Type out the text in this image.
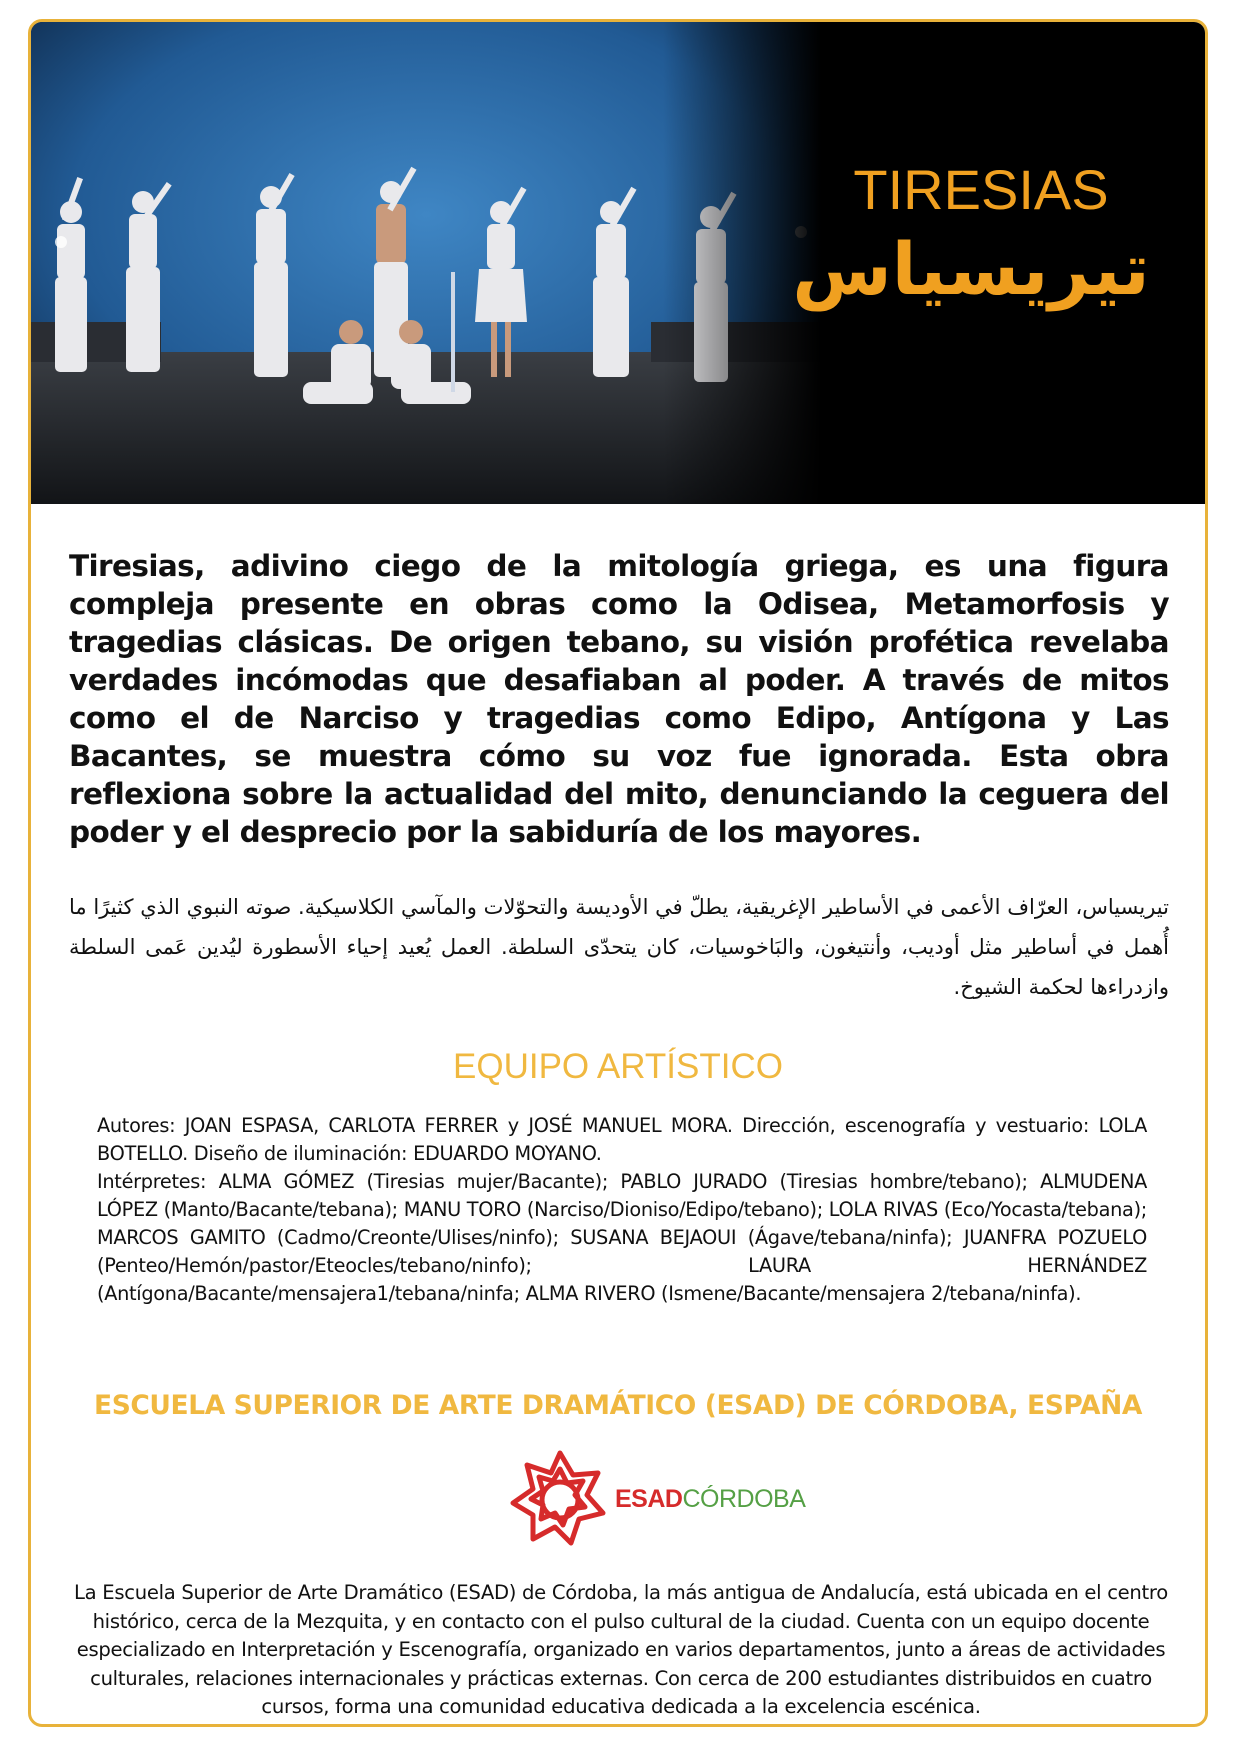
TIRESIAS
تيريسياس
Tiresias, adivino ciego de la mitología griega, es una figura compleja presente en obras como la Odisea, Metamorfosis y tragedias clásicas. De origen tebano, su visión profética revelaba verdades incómodas que desafiaban al poder. A través de mitos como el de Narciso y tragedias como Edipo, Antígona y Las Bacantes, se muestra cómo su voz fue ignorada. Esta obra reflexiona sobre la actualidad del mito, denunciando la ceguera del poder y el desprecio por la sabiduría de los mayores.
تيريسياس، العرّاف الأعمى في الأساطير الإغريقية، يطلّ في الأوديسة والتحوّلات والمآسي الكلاسيكية. صوته النبوي الذي كثيرًا ما أُهمل في أساطير مثل أوديب، وأنتيغون، والبَاخوسيات، كان يتحدّى السلطة. العمل يُعيد إحياء الأسطورة ليُدين عَمى السلطة وازدراءها لحكمة الشيوخ.
EQUIPO ARTÍSTICO

Autores: JOAN ESPASA, CARLOTA FERRER y JOSÉ MANUEL MORA. Dirección, escenografía y vestuario: LOLA BOTELLO. Diseño de iluminación: EDUARDO MOYANO.

Intérpretes: ALMA GÓMEZ (Tiresias mujer/Bacante); PABLO JURADO (Tiresias hombre/tebano); ALMUDENA LÓPEZ (Manto/Bacante/tebana); MANU TORO (Narciso/Dioniso/Edipo/tebano); LOLA RIVAS (Eco/Yocasta/tebana); MARCOS GAMITO (Cadmo/Creonte/Ulises/ninfo); SUSANA BEJAOUI (Ágave/tebana/ninfa); JUANFRA POZUELO (Penteo/Hemón/pastor/Eteocles/tebano/ninfo); LAURA HERNÁNDEZ (Antígona/Bacante/mensajera1/tebana/ninfa; ALMA RIVERO (Ismene/Bacante/mensajera 2/tebana/ninfa).

ESCUELA SUPERIOR DE ARTE DRAMÁTICO (ESAD) DE CÓRDOBA, ESPAÑA
ESADCÓRDOBA
La Escuela Superior de Arte Dramático (ESAD) de Córdoba, la más antigua de Andalucía, está ubicada en el centro histórico, cerca de la Mezquita, y en contacto con el pulso cultural de la ciudad. Cuenta con un equipo docente especializado en Interpretación y Escenografía, organizado en varios departamentos, junto a áreas de actividades culturales, relaciones internacionales y prácticas externas. Con cerca de 200 estudiantes distribuidos en cuatro cursos, forma una comunidad educativa dedicada a la excelencia escénica.
